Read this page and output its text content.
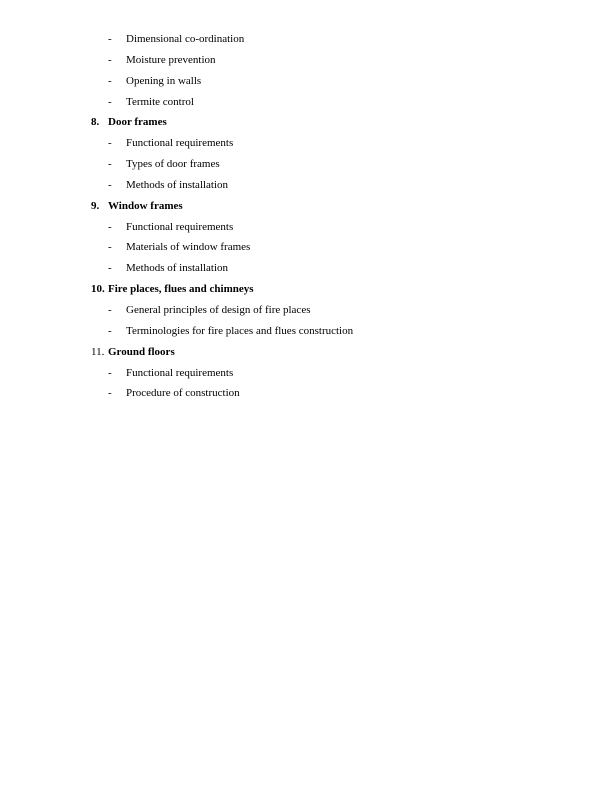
- Dimensional co-ordination
- Moisture prevention
- Opening in walls
- Termite control
8. Door frames
- Functional requirements
- Types of door frames
- Methods of installation
9. Window frames
- Functional requirements
- Materials of window frames
- Methods of installation
10. Fire places, flues and chimneys
- General principles of design of fire places
- Terminologies for fire places and flues construction
11. Ground floors
- Functional requirements
- Procedure of construction
